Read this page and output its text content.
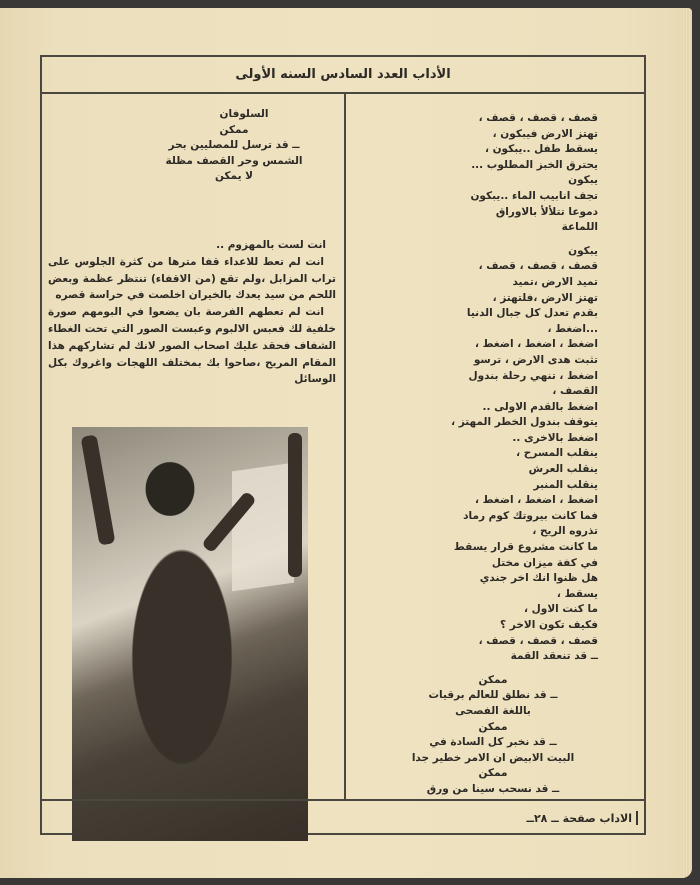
الأداب العدد السادس السنه الأولى
قصف ، قصف ، قصف ،
تهتز الارض فيبكون ،
يسقط طفل ..يبكون ،
يحترق الخبز المطلوب ...
يبكون
تجف انابيب الماء ..يبكون
دموعا تتلألأ بالاوراق
اللماعة
يبكون
قصف ، قصف ، قصف ،
تميد الارض ،تميد
تهتز الارض ،فلتهتز ،
بقدم تعدل كل جبال الدنيا
...اضغط ،
اضغط ، اضغط ، اضغط ،
تثبت هدى الارض ، ترسو
اضغط ، تنهي رحلة بندول
القصف ،
اضغط بالقدم الاولى ..
يتوقف بندول الخطر المهتز ،
اضغط بالاخرى ..
ينقلب المسرح ،
ينقلب العرش
ينقلب المنبر
اضغط ، اضغط ، اضغط ،
فما كانت بيروتك كوم رماد
تذروه الريح ،
ما كانت مشروع قرار يسقط
في كفة ميزان مختل
هل ظنوا انك اخر جندي
يسقط ،
ما كنت الاول ،
فكيف تكون الاخر ؟
قصف ، قصف ، قصف ،
ــ قد تنعقد القمة
ممكن
ــ قد نطلق للعالم برقيات
باللغة الفصحى
ممكن
ــ قد نخبر كل السادة في
البيت الابيض ان الامر خطير جدا
ممكن
ــ قد نسحب سينا من ورق
السلوفان
ممكن
ــ قد ترسل للمصليين بحر
الشمس وحر القصف مظلة
لا يمكن
انت لست بالمهزوم ..
انت لم تعط للاعداء قفا مترها من كثرة الجلوس على تراب المزابل ،ولم تقع (من الاقفاء) تنتظر عظمة وبعض اللحم من سيد يعدك بالخيران اخلصت في حراسة قصره
انت لم تعطهم الفرصة بان يضعوا في البومهم صورة خلفية لك فعبس الالبوم وعبست الصور التي تحت الغطاء الشفاف فحقد عليك اصحاب الصور لانك لم تشاركهم هذا المقام المريح ،صاحوا بك بمختلف اللهجات واغروك بكل الوسائل
الاداب صفحة ــ ٢٨ــ
